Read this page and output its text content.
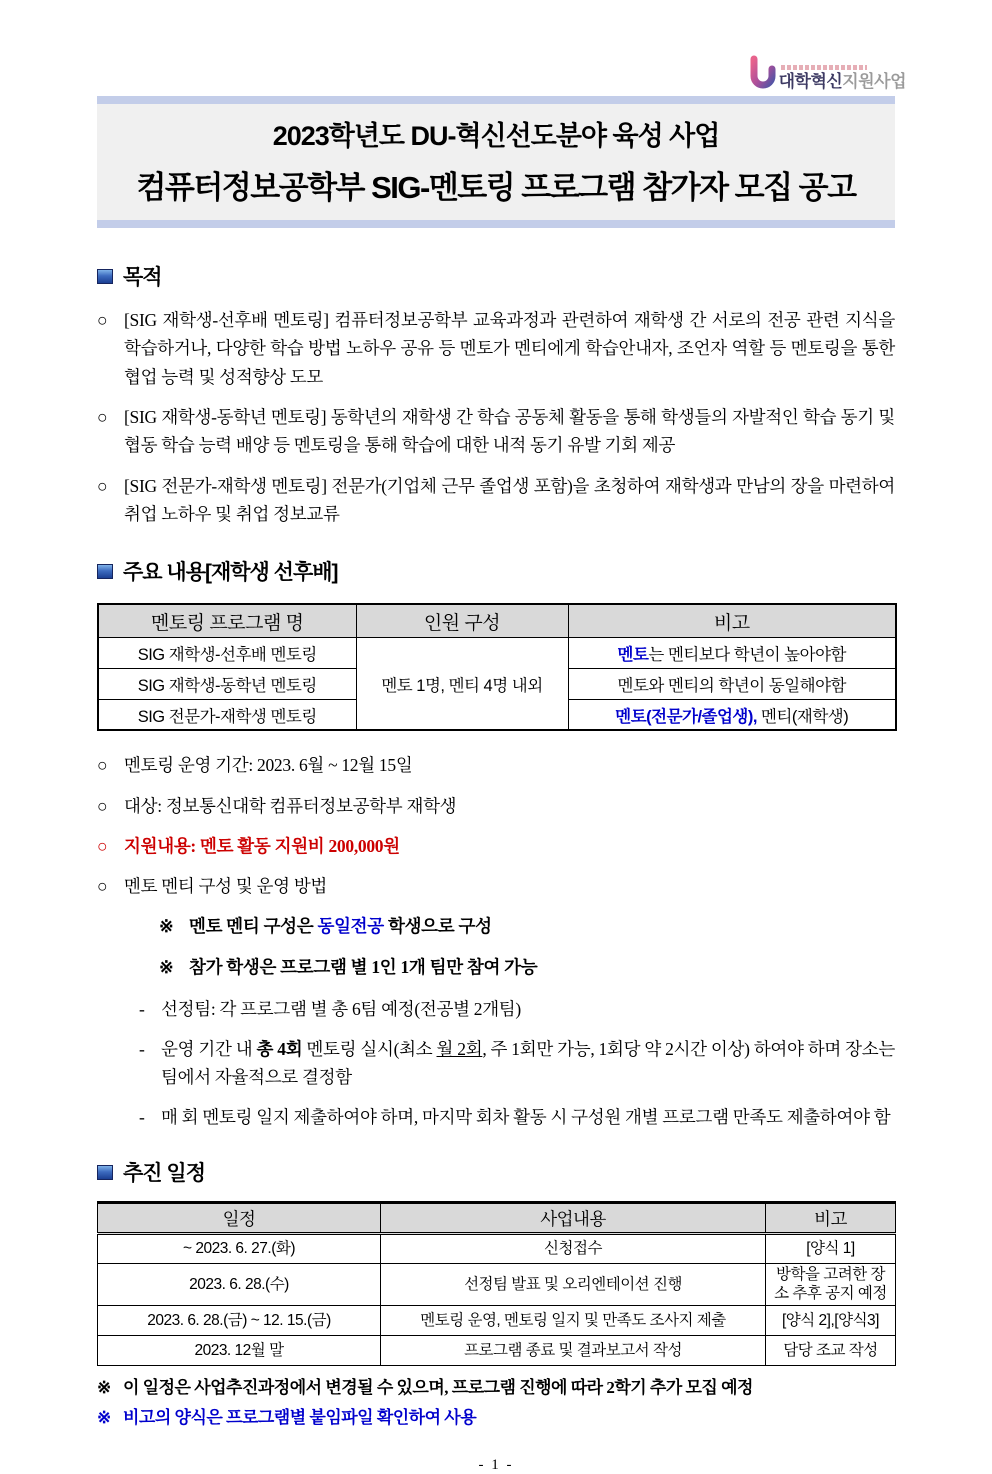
대학혁신지원사업
2023학년도 DU-혁신선도분야 육성 사업
컴퓨터정보공학부 SIG-멘토링 프로그램 참가자 모집 공고
목적
○ [SIG 재학생-선후배 멘토링] 컴퓨터정보공학부 교육과정과 관련하여 재학생 간 서로의 전공 관련 지식을 학습하거나, 다양한 학습 방법 노하우 공유 등 멘토가 멘티에게 학습안내자, 조언자 역할 등 멘토링을 통한 협업 능력 및 성적향상 도모
○ [SIG 재학생-동학년 멘토링] 동학년의 재학생 간 학습 공동체 활동을 통해 학생들의 자발적인 학습 동기 및 협동 학습 능력 배양 등 멘토링을 통해 학습에 대한 내적 동기 유발 기회 제공
○ [SIG 전문가-재학생 멘토링] 전문가(기업체 근무 졸업생 포함)을 초청하여 재학생과 만남의 장을 마련하여 취업 노하우 및 취업 정보교류
주요 내용[재학생 선후배]
멘토링 프로그램 명	인원 구성	비고
SIG 재학생-선후배 멘토링	멘토 1명, 멘티 4명 내외	멘토는 멘티보다 학년이 높아야함
SIG 재학생-동학년 멘토링		멘토와 멘티의 학년이 동일해야함
SIG 전문가-재학생 멘토링		멘토(전문가/졸업생), 멘티(재학생)
○ 멘토링 운영 기간: 2023. 6월 ~ 12월 15일
○ 대상: 정보통신대학 컴퓨터정보공학부 재학생
○ 지원내용: 멘토 활동 지원비 200,000원
○ 멘토 멘티 구성 및 운영 방법
※ 멘토 멘티 구성은 동일전공 학생으로 구성
※ 참가 학생은 프로그램 별 1인 1개 팀만 참여 가능
- 선정팀: 각 프로그램 별 총 6팀 예정(전공별 2개팀)
- 운영 기간 내 총 4회 멘토링 실시(최소 월 2회, 주 1회만 가능, 1회당 약 2시간 이상) 하여야 하며 장소는 팀에서 자율적으로 결정함
- 매 회 멘토링 일지 제출하여야 하며, 마지막 회차 활동 시 구성원 개별 프로그램 만족도 제출하여야 함
추진 일정
일정	사업내용	비고
~ 2023. 6. 27.(화)	신청접수	[양식 1]
2023. 6. 28.(수)	선정팀 발표 및 오리엔테이션 진행	방학을 고려한 장소 추후 공지 예정
2023. 6. 28.(금) ~ 12. 15.(금)	멘토링 운영, 멘토링 일지 및 만족도 조사지 제출	[양식 2],[양식3]
2023. 12월 말	프로그램 종료 및 결과보고서 작성	담당 조교 작성
※ 이 일정은 사업추진과정에서 변경될 수 있으며, 프로그램 진행에 따라 2학기 추가 모집 예정
※ 비고의 양식은 프로그램별 붙임파일 확인하여 사용
- 1 -
